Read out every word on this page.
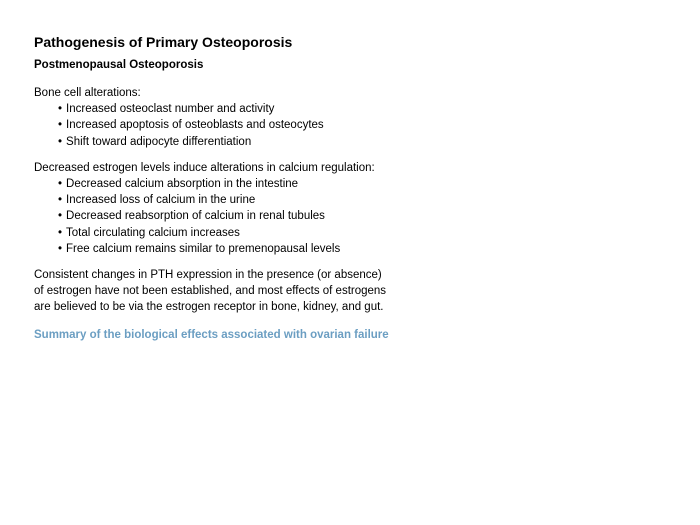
Pathogenesis of Primary Osteoporosis
Postmenopausal Osteoporosis
Bone cell alterations:
• Increased osteoclast number and activity
• Increased apoptosis of osteoblasts and osteocytes
• Shift toward adipocyte differentiation
Decreased estrogen levels induce alterations in calcium regulation:
• Decreased calcium absorption in the intestine
• Increased loss of calcium in the urine
• Decreased reabsorption of calcium in renal tubules
• Total circulating calcium increases
• Free calcium remains similar to premenopausal levels

Consistent changes in PTH expression in the presence (or absence) of estrogen have not been established, and most effects of estrogens are believed to be via the estrogen receptor in bone, kidney, and gut.

Summary of the biological effects associated with ovarian failure
